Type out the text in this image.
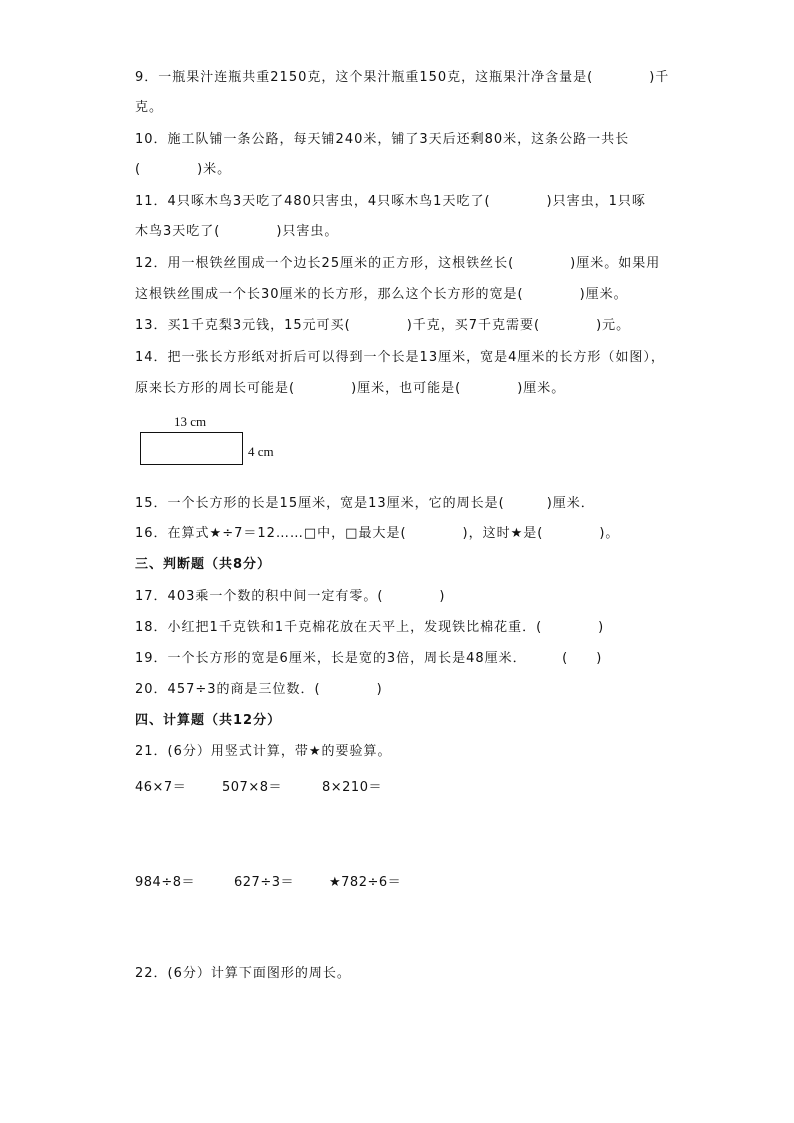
9．一瓶果汁连瓶共重2150克，这个果汁瓶重150克，这瓶果汁净含量是(　　　　)千
克。
10．施工队铺一条公路，每天铺240米，铺了3天后还剩80米，这条公路一共长
(　　　　)米。
11．4只啄木鸟3天吃了480只害虫，4只啄木鸟1天吃了(　　　　)只害虫，1只啄
木鸟3天吃了(　　　　)只害虫。
12．用一根铁丝围成一个边长25厘米的正方形，这根铁丝长(　　　　)厘米。如果用
这根铁丝围成一个长30厘米的长方形，那么这个长方形的宽是(　　　　)厘米。
13．买1千克梨3元钱，15元可买(　　　　)千克，买7千克需要(　　　　)元。
14．把一张长方形纸对折后可以得到一个长是13厘米，宽是4厘米的长方形（如图），
原来长方形的周长可能是(　　　　)厘米，也可能是(　　　　)厘米。
13 cm
4 cm
15．一个长方形的长是15厘米，宽是13厘米，它的周长是(　　　)厘米．
16．在算式★÷7＝12……□中，□最大是(　　　　)，这时★是(　　　　)。
三、判断题（共8分）
17．403乘一个数的积中间一定有零。(　　　　)
18．小红把1千克铁和1千克棉花放在天平上，发现铁比棉花重．(　　　　)
19．一个长方形的宽是6厘米，长是宽的3倍，周长是48厘米．　　　(　　)
20．457÷3的商是三位数．(　　　　)
四、计算题（共12分）
21．(6分）用竖式计算，带★的要验算。
46×7＝	507×8＝	8×210＝
984÷8＝	627÷3＝	★782÷6＝
22．(6分）计算下面图形的周长。
